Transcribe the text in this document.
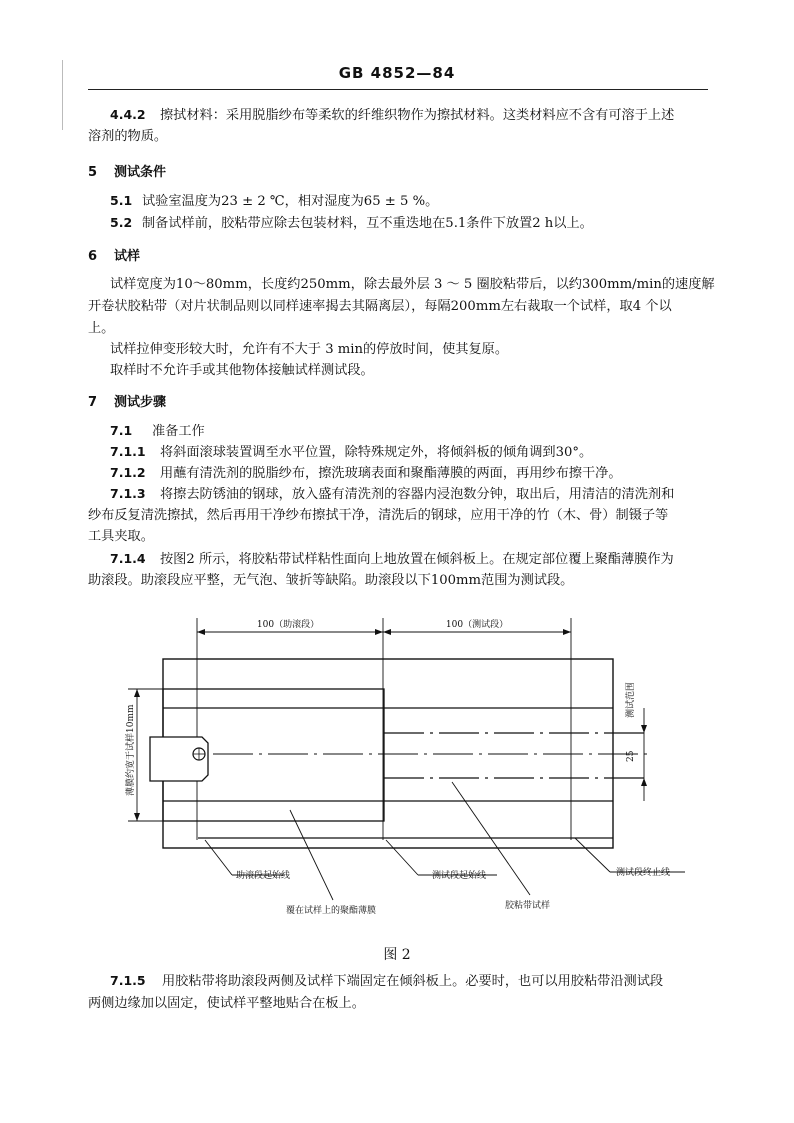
GB 4852—84
4.4.2 擦拭材料：采用脱脂纱布等柔软的纤维织物作为擦拭材料。这类材料应不含有可溶于上述
溶剂的物质。
5 测试条件
5.1 试验室温度为23 ± 2 ℃，相对湿度为65 ± 5 %。
5.2 制备试样前，胶粘带应除去包装材料，互不重迭地在5.1条件下放置2 h以上。
6 试样
试样宽度为10～80mm，长度约250mm，除去最外层 3 ～ 5 圈胶粘带后，以约300mm/min的速度解
开卷状胶粘带（对片状制品则以同样速率揭去其隔离层），每隔200mm左右裁取一个试样，取4 个以
上。
试样拉伸变形较大时，允许有不大于 3 min的停放时间，使其复原。
取样时不允许手或其他物体接触试样测试段。
7 测试步骤
7.1 准备工作
7.1.1 将斜面滚球装置调至水平位置，除特殊规定外，将倾斜板的倾角调到30°。
7.1.2 用蘸有清洗剂的脱脂纱布，擦洗玻璃表面和聚酯薄膜的两面，再用纱布擦干净。
7.1.3 将擦去防锈油的钢球，放入盛有清洗剂的容器内浸泡数分钟，取出后，用清洁的清洗剂和
纱布反复清洗擦拭，然后再用干净纱布擦拭干净，清洗后的钢球，应用干净的竹（木、骨）制镊子等
工具夹取。
7.1.4 按图2 所示，将胶粘带试样粘性面向上地放置在倾斜板上。在规定部位覆上聚酯薄膜作为
助滚段。助滚段应平整，无气泡、皱折等缺陷。助滚段以下100mm范围为测试段。
100（助滚段）	100（测试段）
薄膜约宽于试样10mm
测试范围
25
助滚段起始线	测试段起始线	测试段终止线
覆在试样上的聚酯薄膜	胶粘带试样
图 2
7.1.5 用胶粘带将助滚段两侧及试样下端固定在倾斜板上。必要时，也可以用胶粘带沿测试段
两侧边缘加以固定，使试样平整地贴合在板上。
